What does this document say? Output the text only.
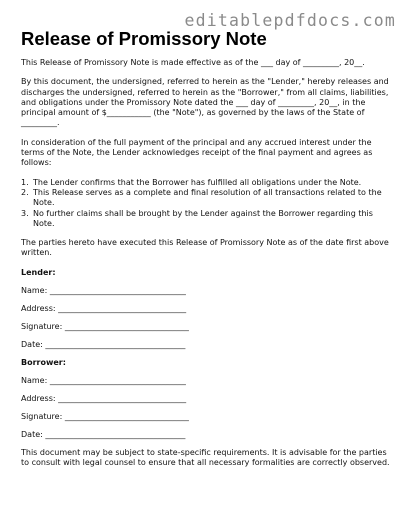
editablepdfdocs.com
Release of Promissory Note

This Release of Promissory Note is made effective as of the ___ day of _________, 20__.

By this document, the undersigned, referred to herein as the "Lender," hereby releases and discharges the undersigned, referred to herein as the "Borrower," from all claims, liabilities, and obligations under the Promissory Note dated the ___ day of _________, 20__, in the principal amount of $___________ (the "Note"), as governed by the laws of the State of _________.

In consideration of the full payment of the principal and any accrued interest under the terms of the Note, the Lender acknowledges receipt of the final payment and agrees as follows:

1. The Lender confirms that the Borrower has fulfilled all obligations under the Note.
2. This Release serves as a complete and final resolution of all transactions related to the Note.
3. No further claims shall be brought by the Lender against the Borrower regarding this Note.

The parties hereto have executed this Release of Promissory Note as of the date first above written.

Lender:
Name: __________________________________
Address: ________________________________
Signature: _______________________________
Date: ___________________________________
Borrower:
Name: __________________________________
Address: ________________________________
Signature: _______________________________
Date: ___________________________________

This document may be subject to state-specific requirements. It is advisable for the parties to consult with legal counsel to ensure that all necessary formalities are correctly observed.
